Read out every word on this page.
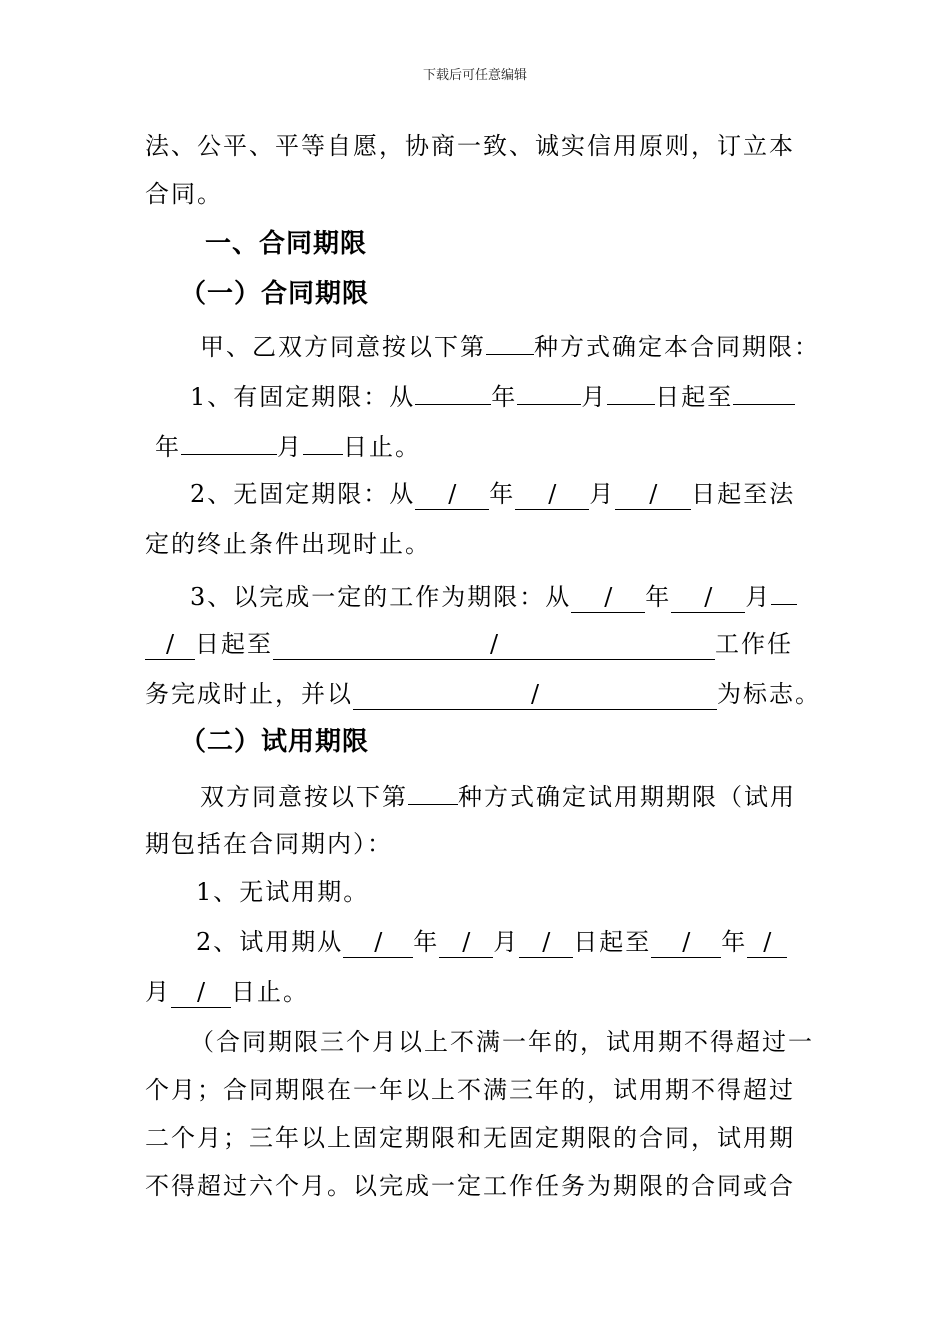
下载后可任意编辑
法、公平、平等自愿，协商一致、诚实信用原则，订立本
合同。
一、合同期限
（一）合同期限
甲、乙双方同意按以下第 种方式确定本合同期限：
1、有固定期限：从	年	月 日起至
年	月 日止。
2、无固定期限：从 / 年 / 月 / 日起至法
定的终止条件出现时止。
3、以完成一定的工作为期限：从 / 年 / 月
/ 日起至	/	工作任
务完成时止，并以	/	为标志。
（二）试用期限
双方同意按以下第 种方式确定试用期期限（试用
期包括在合同期内）：
1、无试用期。
2、试用期从 / 年 / 月 / 日起至 / 年 /
月 / 日止。
（合同期限三个月以上不满一年的，试用期不得超过一
个月；合同期限在一年以上不满三年的，试用期不得超过
二个月；三年以上固定期限和无固定期限的合同，试用期
不得超过六个月。以完成一定工作任务为期限的合同或合
